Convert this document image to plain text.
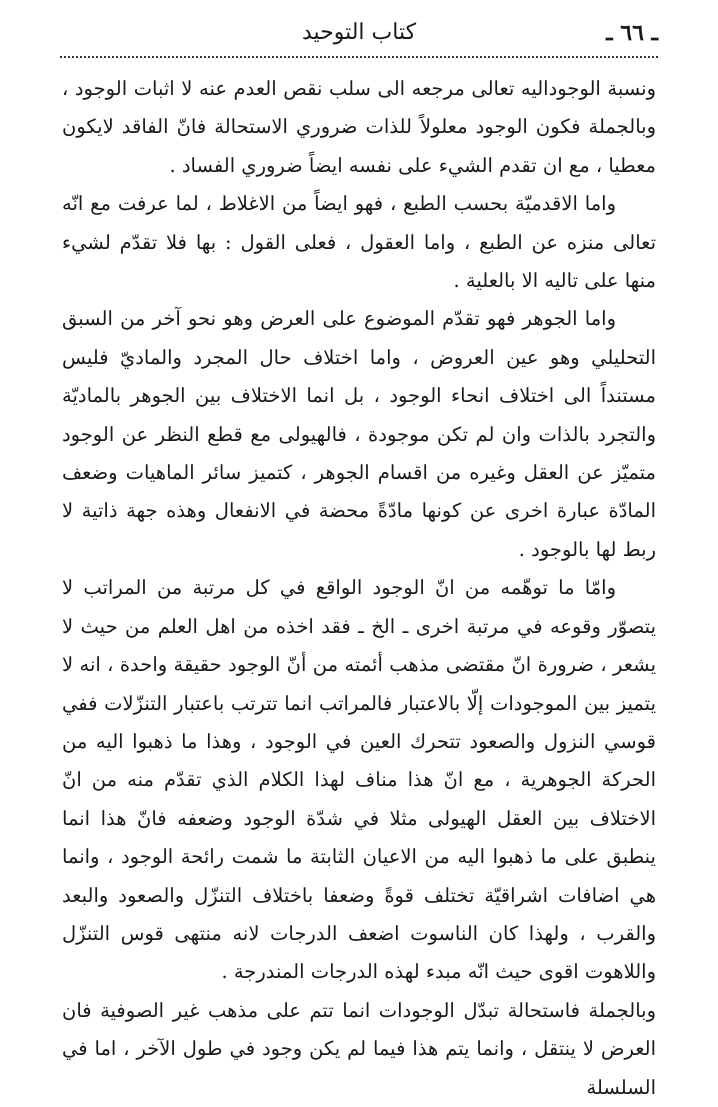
ـ ٦٦ ـ
كتاب التوحيد

ونسبة الوجوداليه تعالى مرجعه الى سلب نقص العدم عنه لا اثبات الوجود ، وبالجملة فكون الوجود معلولاً للذات ضروري الاستحالة فانّ الفاقد لايكون معطيا ، مع ان تقدم الشيء على نفسه ايضاً ضروري الفساد .

واما الاقدميّة بحسب الطبع ، فهو ايضاً من الاغلاط ، لما عرفت مع انّه تعالى منزه عن الطبع ، واما العقول ، فعلى القول : بها فلا تقدّم لشيء منها على تاليه الا بالعلية .

واما الجوهر فهو تقدّم الموضوع على العرض وهو نحو آخر من السبق التحليلي وهو عين العروض ، واما اختلاف حال المجرد والماديّ فليس مستنداً الى اختلاف انحاء الوجود ، بل انما الاختلاف بين الجوهر بالماديّة والتجرد بالذات وان لم تكن موجودة ، فالهيولى مع قطع النظر عن الوجود متميّز عن العقل وغيره من اقسام الجوهر ، كتميز سائر الماهيات وضعف المادّة عبارة اخرى عن كونها مادّةً محضة في الانفعال وهذه جهة ذاتية لا ربط لها بالوجود .

وامّا ما توهّمه من انّ الوجود الواقع في كل مرتبة من المراتب لا يتصوّر وقوعه في مرتبة اخرى ـ الخ ـ فقد اخذه من اهل العلم من حيث لا يشعر ، ضرورة انّ مقتضى مذهب أئمته من أنّ الوجود حقيقة واحدة ، انه لا يتميز بين الموجودات إلّا بالاعتبار فالمراتب انما تترتب باعتبار التنزّلات ففي قوسي النزول والصعود تتحرك العين في الوجود ، وهذا ما ذهبوا اليه من الحركة الجوهرية ، مع انّ هذا مناف لهذا الكلام الذي تقدّم منه من انّ الاختلاف بين العقل الهيولى مثلا في شدّة الوجود وضعفه فانّ هذا انما ينطبق على ما ذهبوا اليه من الاعيان الثابتة ما شمت رائحة الوجود ، وانما هي اضافات اشراقيّة تختلف قوةً وضعفا باختلاف التنزّل والصعود والبعد والقرب ، ولهذا كان الناسوت اضعف الدرجات لانه منتهى قوس التنزّل واللاهوت اقوى حيث انّه مبدء لهذه الدرجات المندرجة .

وبالجملة فاستحالة تبدّل الوجودات انما تتم على مذهب غير الصوفية فان العرض لا ينتقل ، وانما يتم هذا فيما لم يكن وجود في طول الآخر ، اما في السلسلة
